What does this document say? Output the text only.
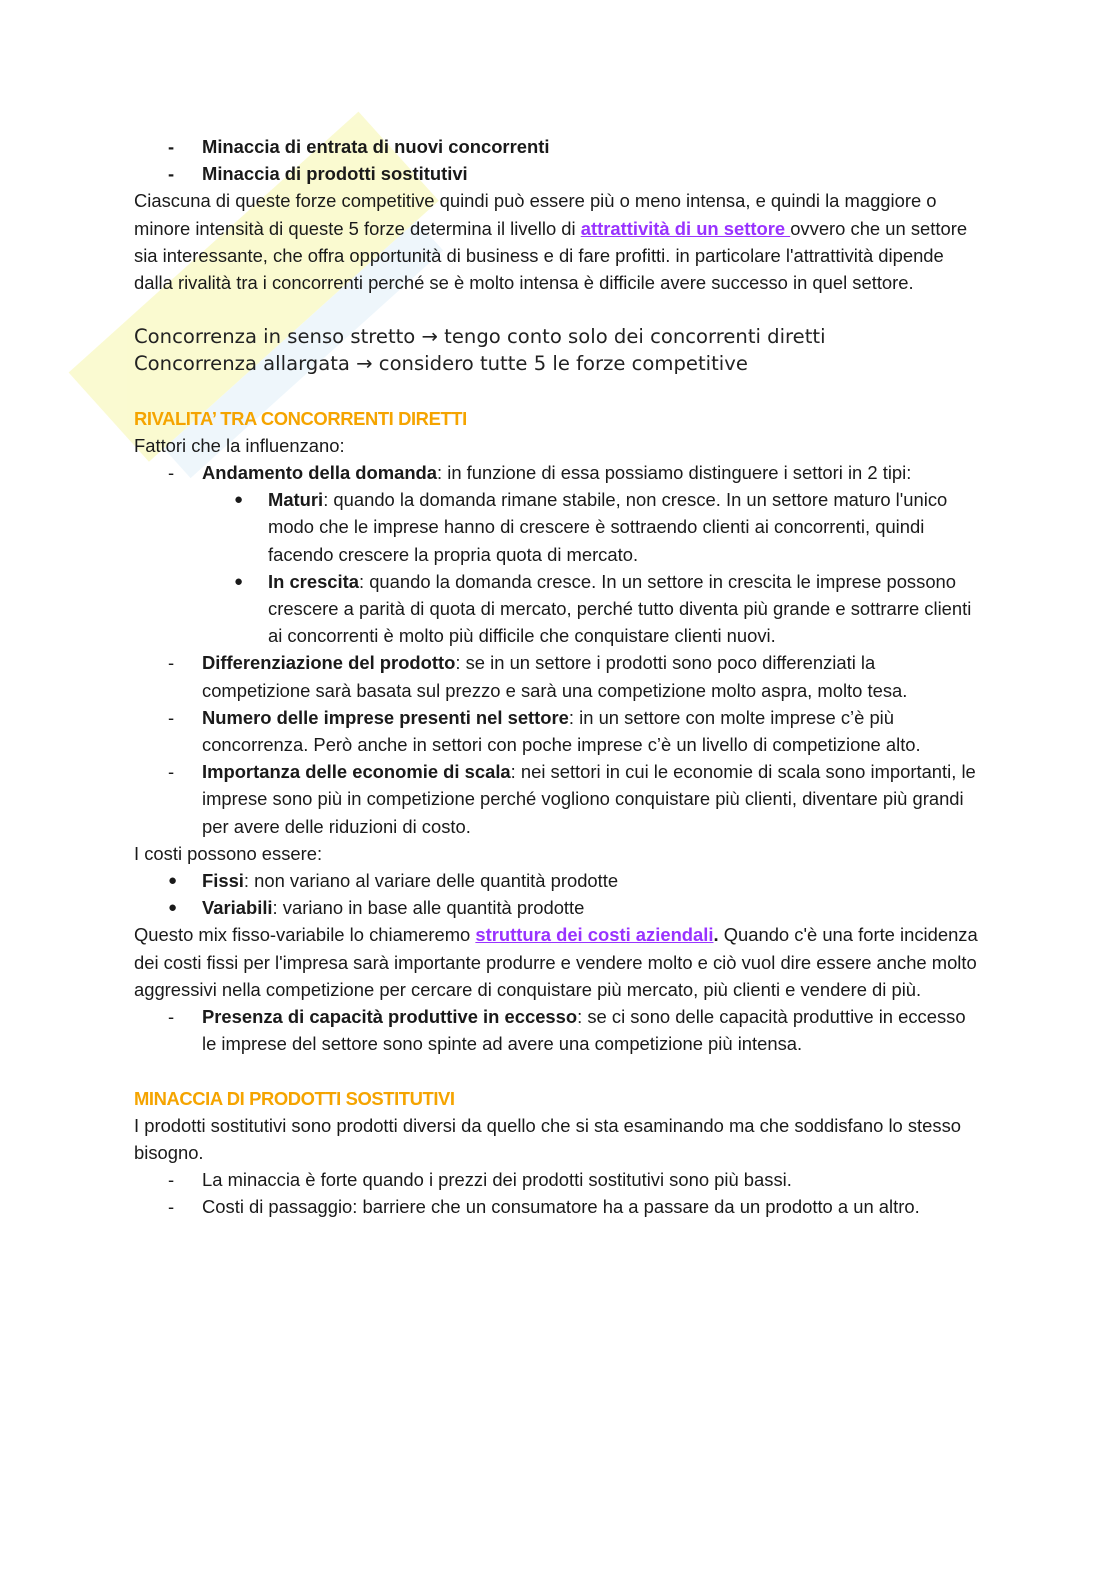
- Minaccia di entrata di nuovi concorrenti

- Minaccia di prodotti sostitutivi

Ciascuna di queste forze competitive quindi può essere più o meno intensa, e quindi la maggiore o minore intensità di queste 5 forze determina il livello di attrattività di un settore ovvero che un settore sia interessante, che offra opportunità di business e di fare profitti. in particolare l'attrattività dipende dalla rivalità tra i concorrenti perché se è molto intensa è difficile avere successo in quel settore.

Concorrenza in senso stretto → tengo conto solo dei concorrenti diretti

Concorrenza allargata → considero tutte 5 le forze competitive

RIVALITA’ TRA CONCORRENTI DIRETTI

Fattori che la influenzano:

- Andamento della domanda: in funzione di essa possiamo distinguere i settori in 2 tipi:

● Maturi: quando la domanda rimane stabile, non cresce. In un settore maturo l'unico modo che le imprese hanno di crescere è sottraendo clienti ai concorrenti, quindi facendo crescere la propria quota di mercato.

● In crescita: quando la domanda cresce. In un settore in crescita le imprese possono crescere a parità di quota di mercato, perché tutto diventa più grande e sottrarre clienti ai concorrenti è molto più difficile che conquistare clienti nuovi.

- Differenziazione del prodotto: se in un settore i prodotti sono poco differenziati la competizione sarà basata sul prezzo e sarà una competizione molto aspra, molto tesa.

- Numero delle imprese presenti nel settore: in un settore con molte imprese c’è più concorrenza. Però anche in settori con poche imprese c’è un livello di competizione alto.

- Importanza delle economie di scala: nei settori in cui le economie di scala sono importanti, le imprese sono più in competizione perché vogliono conquistare più clienti, diventare più grandi per avere delle riduzioni di costo.

I costi possono essere:

● Fissi: non variano al variare delle quantità prodotte

● Variabili: variano in base alle quantità prodotte

Questo mix fisso-variabile lo chiameremo struttura dei costi aziendali. Quando c'è una forte incidenza dei costi fissi per l'impresa sarà importante produrre e vendere molto e ciò vuol dire essere anche molto aggressivi nella competizione per cercare di conquistare più mercato, più clienti e vendere di più.

- Presenza di capacità produttive in eccesso: se ci sono delle capacità produttive in eccesso le imprese del settore sono spinte ad avere una competizione più intensa.

MINACCIA DI PRODOTTI SOSTITUTIVI

I prodotti sostitutivi sono prodotti diversi da quello che si sta esaminando ma che soddisfano lo stesso bisogno.

- La minaccia è forte quando i prezzi dei prodotti sostitutivi sono più bassi.

- Costi di passaggio: barriere che un consumatore ha a passare da un prodotto a un altro.
